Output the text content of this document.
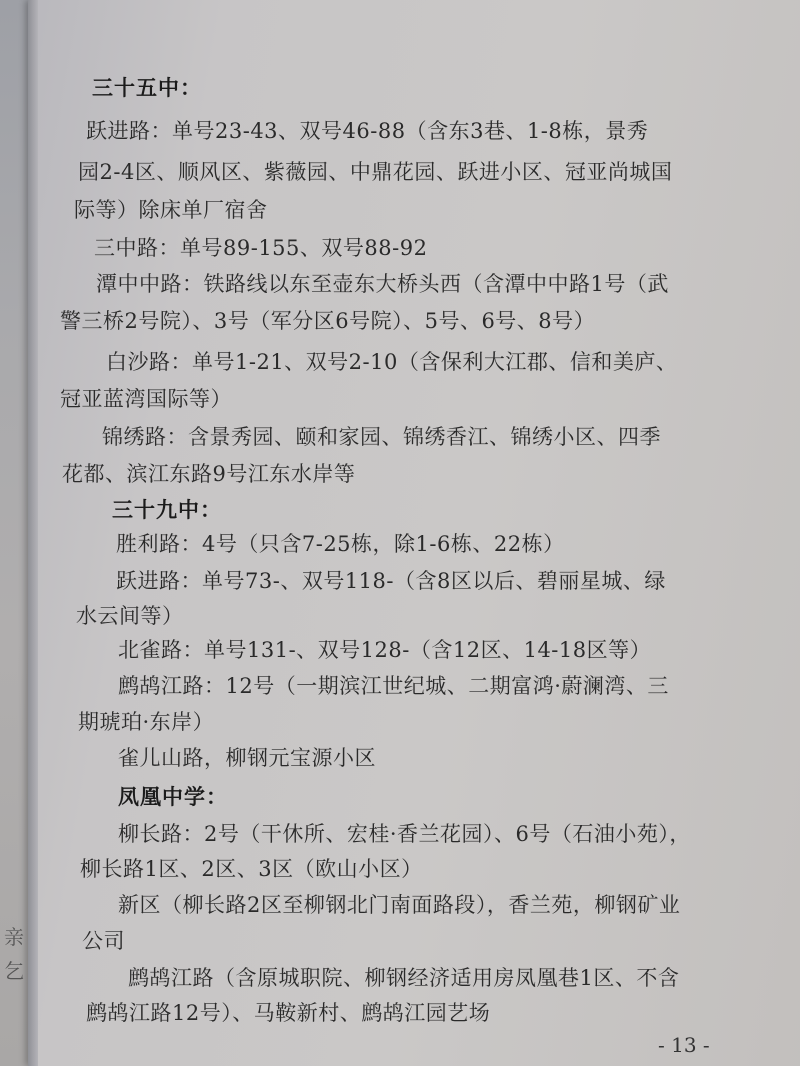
亲
乞
三十五中：
跃进路：单号23-43、双号46-88（含东3巷、1-8栋，景秀
园2-4区、顺风区、紫薇园、中鼎花园、跃进小区、冠亚尚城国
际等）除床单厂宿舍
三中路：单号89-155、双号88-92
潭中中路：铁路线以东至壶东大桥头西（含潭中中路1号（武
警三桥2号院）、3号（军分区6号院）、5号、6号、8号）
白沙路：单号1-21、双号2-10（含保利大江郡、信和美庐、
冠亚蓝湾国际等）
锦绣路：含景秀园、颐和家园、锦绣香江、锦绣小区、四季
花都、滨江东路9号江东水岸等
三十九中：
胜利路：4号（只含7-25栋，除1-6栋、22栋）
跃进路：单号73-、双号118-（含8区以后、碧丽星城、绿
水云间等）
北雀路：单号131-、双号128-（含12区、14-18区等）
鹧鸪江路：12号（一期滨江世纪城、二期富鸿·蔚澜湾、三
期琥珀·东岸）
雀儿山路，柳钢元宝源小区
凤凰中学：
柳长路：2号（干休所、宏桂·香兰花园）、6号（石油小苑），
柳长路1区、2区、3区（欧山小区）
新区（柳长路2区至柳钢北门南面路段），香兰苑，柳钢矿业
公司
鹧鸪江路（含原城职院、柳钢经济适用房凤凰巷1区、不含
鹧鸪江路12号）、马鞍新村、鹧鸪江园艺场
- 13 -
